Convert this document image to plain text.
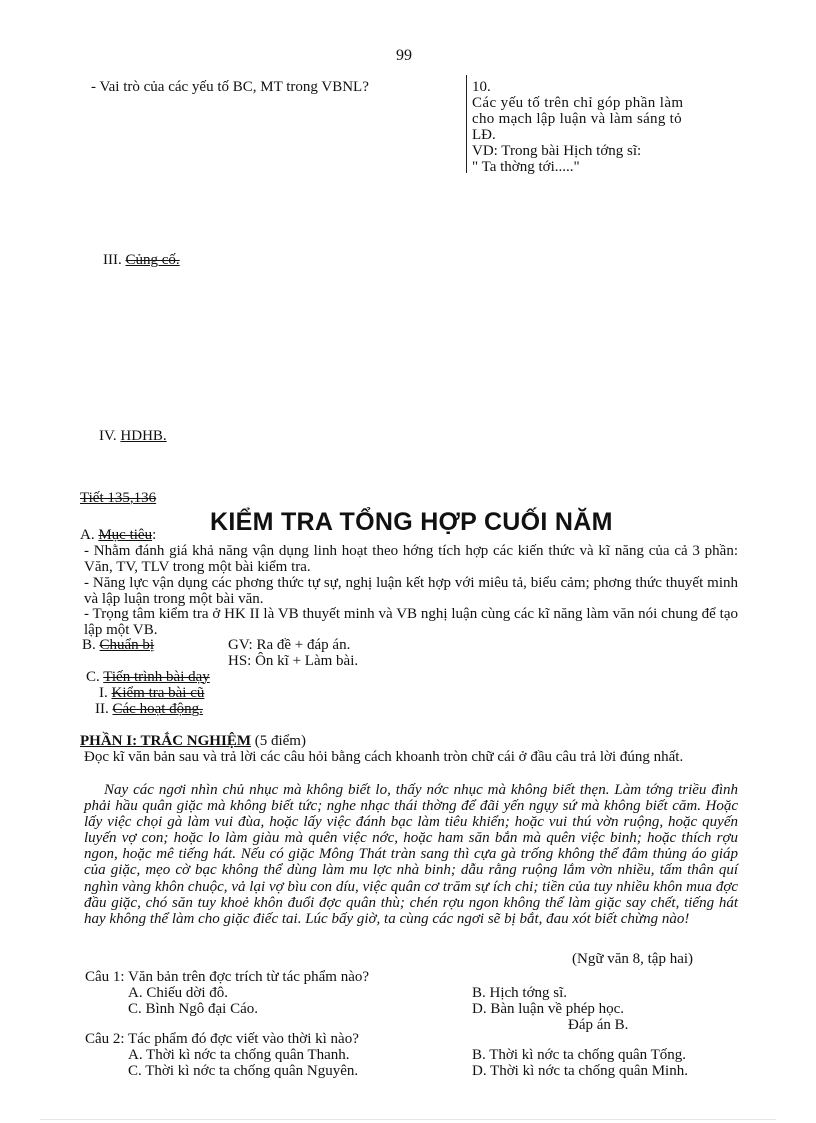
99
- Vai trò của các yếu tố BC, MT trong VBNL?	10.
Các yếu tố trên chỉ góp phần làm
cho mạch lập luận và làm sáng tỏ
LĐ.
VD: Trong bài Hịch tớng sĩ:
" Ta thờng tới....."
III. Củng cố.
IV. HDHB.
Tiết 135,136
A. Mục tiêu: KIỂM TRA TỔNG HỢP CUỐI NĂM
- Nhằm đánh giá khả năng vận dụng linh hoạt theo hớng tích hợp các kiến thức và kĩ năng của cả 3 phần: Văn, TV, TLV trong một bài kiểm tra.
- Năng lực vận dụng các phơng thức tự sự, nghị luận kết hợp với miêu tả, biểu cảm; phơng thức thuyết minh và lập luận trong một bài văn.
- Trọng tâm kiểm tra ở HK II là VB thuyết minh và VB nghị luận cùng các kĩ năng làm văn nói chung để tạo lập một VB.
B. Chuẩn bị	GV: Ra đề + đáp án.
HS: Ôn kĩ + Làm bài.
C. Tiến trình bài dạy
I. Kiểm tra bài cũ
II. Các hoạt động.
PHẦN I: TRẮC NGHIỆM (5 điểm)
Đọc kĩ văn bản sau và trả lời các câu hỏi bằng cách khoanh tròn chữ cái ở đầu câu trả lời đúng nhất.
Nay các ngơi nhìn chủ nhục mà không biết lo, thấy nớc nhục mà không biết thẹn. Làm tớng triều đình phải hầu quân giặc mà không biết tức; nghe nhạc thái thờng để đãi yến ngụy sứ mà không biết căm. Hoặc lấy việc chọi gà làm vui đùa, hoặc lấy việc đánh bạc làm tiêu khiển; hoặc vui thú vờn ruộng, hoặc quyến luyến vợ con; hoặc lo làm giàu mà quên việc nớc, hoặc ham săn bắn mà quên việc binh; hoặc thích rợu ngon, hoặc mê tiếng hát. Nếu có giặc Mông Thát tràn sang thì cựa gà trống không thể đâm thủng áo giáp của giặc, mẹo cờ bạc không thể dùng làm mu lợc nhà binh; dẫu rằng ruộng lắm vờn nhiều, tấm thân quí nghìn vàng khôn chuộc, vả lại vợ bìu con díu, việc quân cơ trăm sự ích chi; tiền của tuy nhiều khôn mua đợc đầu giặc, chó săn tuy khoẻ khôn đuổi đợc quân thù; chén rợu ngon không thể làm giặc say chết, tiếng hát hay không thể làm cho giặc điếc tai. Lúc bấy giờ, ta cùng các ngơi sẽ bị bắt, đau xót biết chừng nào!
(Ngữ văn 8, tập hai)
Câu 1: Văn bản trên đợc trích từ tác phẩm nào?
A. Chiếu dời đô.	B. Hịch tớng sĩ.
C. Bình Ngô đại Cáo.	D. Bàn luận về phép học.
Đáp án B.
Câu 2: Tác phẩm đó đợc viết vào thời kì nào?
A. Thời kì nớc ta chống quân Thanh.	B. Thời kì nớc ta chống quân Tống.
C. Thời kì nớc ta chống quân Nguyên.	D. Thời kì nớc ta chống quân Minh.
